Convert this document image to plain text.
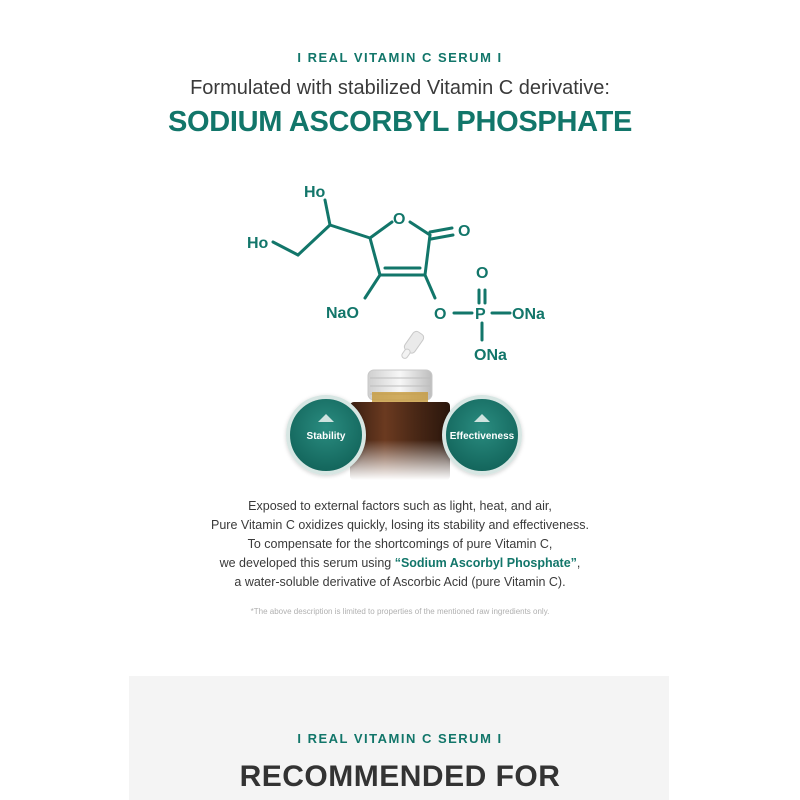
I REAL VITAMIN C SERUM I
Formulated with stabilized Vitamin C derivative:
SODIUM ASCORBYL PHOSPHATE
Ho
Ho
O
O
NaO	O P
O
ONa
ONa
Stability	Effectiveness
Exposed to external factors such as light, heat, and air,
Pure Vitamin C oxidizes quickly, losing its stability and effectiveness.
To compensate for the shortcomings of pure Vitamin C,
we developed this serum using “Sodium Ascorbyl Phosphate”,
a water-soluble derivative of Ascorbic Acid (pure Vitamin C).
*The above description is limited to properties of the mentioned raw ingredients only.
I REAL VITAMIN C SERUM I
RECOMMENDED FOR
